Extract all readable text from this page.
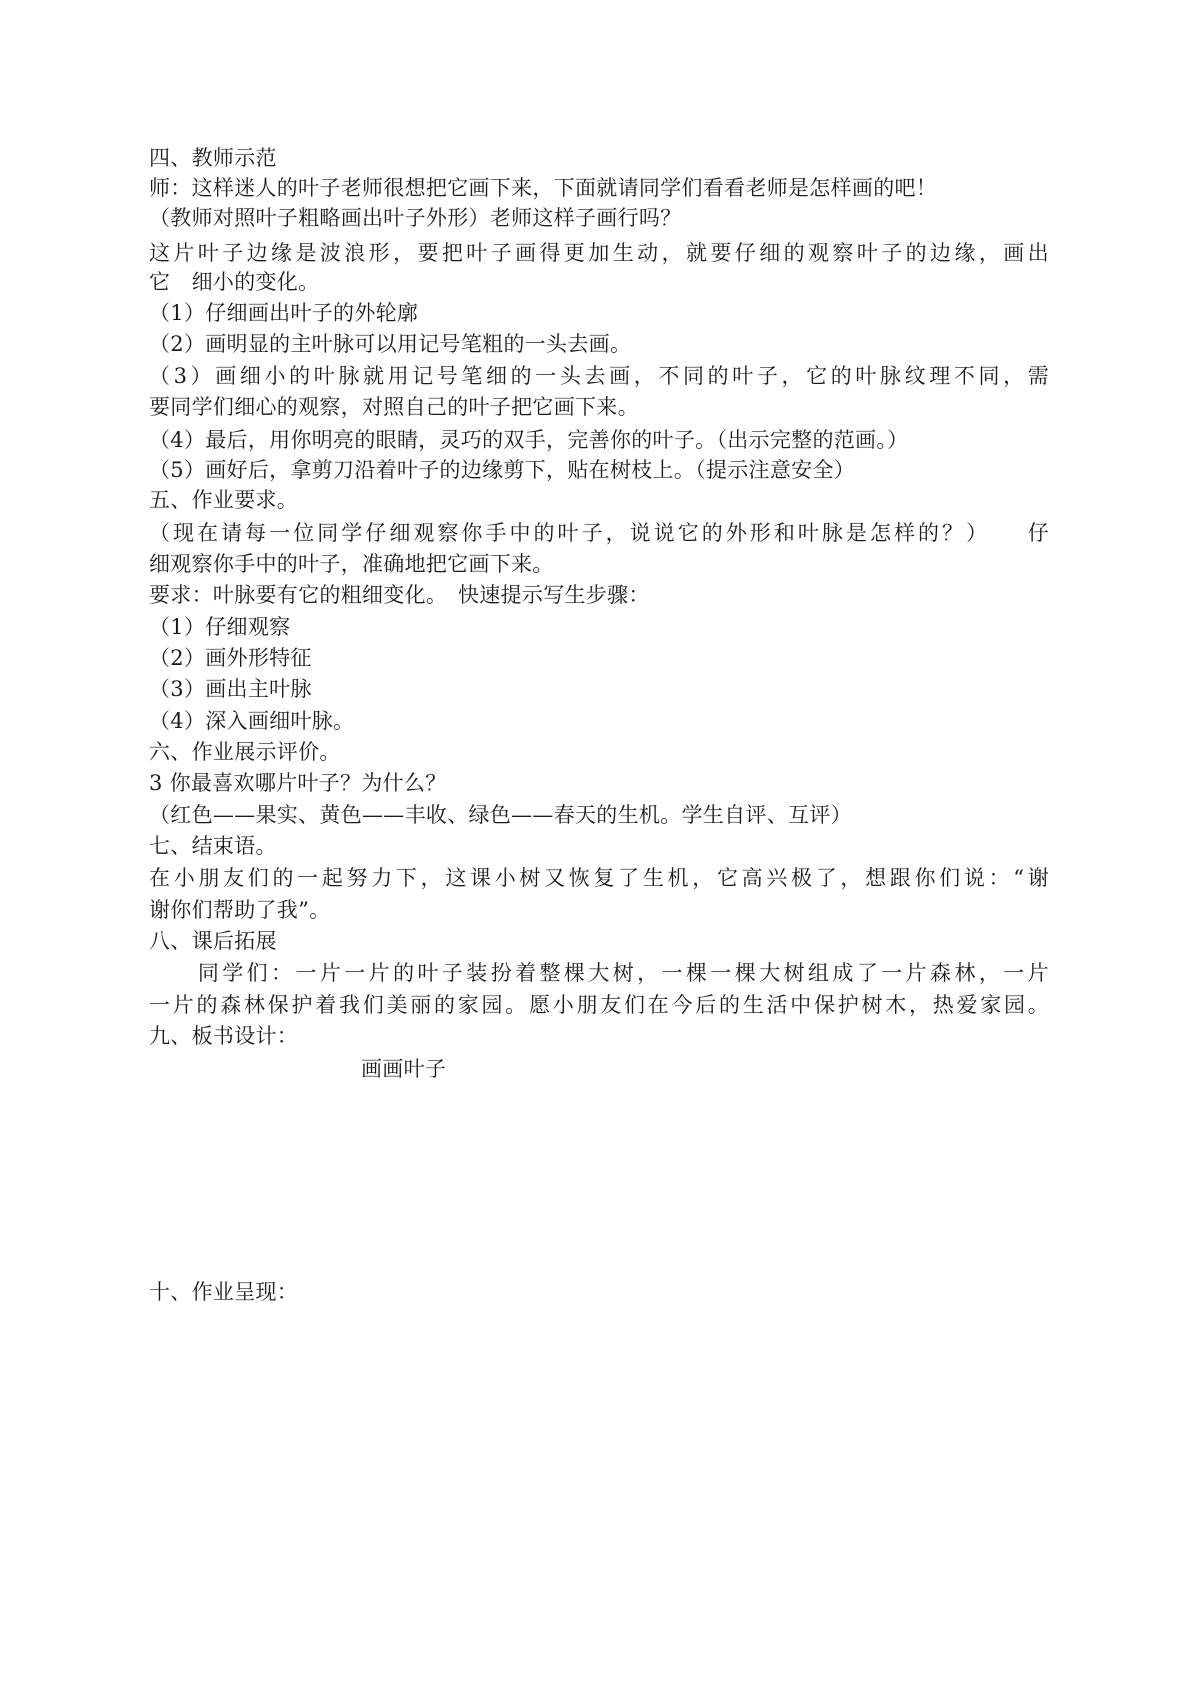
四、教师示范
师：这样迷人的叶子老师很想把它画下来，下面就请同学们看看老师是怎样画的吧！
（教师对照叶子粗略画出叶子外形）老师这样子画行吗？
这片叶子边缘是波浪形，要把叶子画得更加生动，就要仔细的观察叶子的边缘，画出
它　细小的变化。
（1）仔细画出叶子的外轮廓
（2）画明显的主叶脉可以用记号笔粗的一头去画。
（3）画细小的叶脉就用记号笔细的一头去画，不同的叶子，它的叶脉纹理不同，需
要同学们细心的观察，对照自己的叶子把它画下来。
（4）最后，用你明亮的眼睛，灵巧的双手，完善你的叶子。（出示完整的范画。）
（5）画好后，拿剪刀沿着叶子的边缘剪下，贴在树枝上。（提示注意安全）
五、作业要求。
（现在请每一位同学仔细观察你手中的叶子，说说它的外形和叶脉是怎样的？）　　仔
细观察你手中的叶子，准确地把它画下来。
要求：叶脉要有它的粗细变化。　快速提示写生步骤：
（1）仔细观察
（2）画外形特征
（3）画出主叶脉
（4）深入画细叶脉。
六、作业展示评价。
3 你最喜欢哪片叶子？为什么？
（红色——果实、黄色——丰收、绿色——春天的生机。学生自评、互评）
七、结束语。
在小朋友们的一起努力下，这课小树又恢复了生机，它高兴极了，想跟你们说：“谢
谢你们帮助了我”。
八、课后拓展
　　同学们：一片一片的叶子装扮着整棵大树，一棵一棵大树组成了一片森林，一片
一片的森林保护着我们美丽的家园。愿小朋友们在今后的生活中保护树木，热爱家园。
九、板书设计：
画画叶子
十、作业呈现：
